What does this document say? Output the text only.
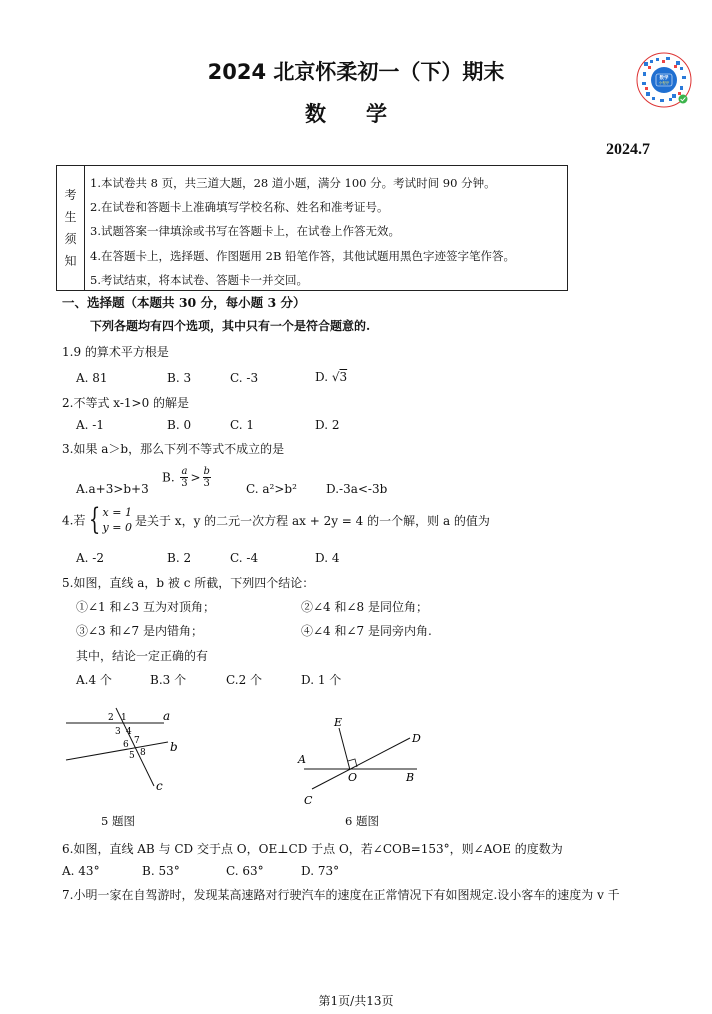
2024 北京怀柔初一（下）期末
数学
2024.7
数学
小程序
考
生
须
知
1.本试卷共 8 页，共三道大题，28 道小题，满分 100 分。考试时间 90 分钟。
2.在试卷和答题卡上准确填写学校名称、姓名和准考证号。
3.试题答案一律填涂或书写在答题卡上，在试卷上作答无效。
4.在答题卡上，选择题、作图题用 2B 铅笔作答，其他试题用黑色字迹签字笔作答。
5.考试结束，将本试卷、答题卡一并交回。
一、选择题（本题共 30 分，每小题 3 分）
下列各题均有四个选项，其中只有一个是符合题意的.
1.9 的算术平方根是
A. 81	B. 3	C. -3	D. √3
2.不等式 x-1>0 的解是
A. -1	B. 0	C. 1	D. 2
3.如果 a＞b，那么下列不等式不成立的是
A.a+3>b+3
B. $\frac{a}{3} > \frac{b}{3}$	C. a²>b² D.-3a<-3b
4.若 { x = 1
y = 0 是关于 x，y 的二元一次方程 ax + 2y = 4 的一个解，则 a 的值为
A. -2	B. 2	C. -4	D. 4
5.如图，直线 a，b 被 c 所截，下列四个结论：
①∠1 和∠3 互为对顶角；	②∠4 和∠8 是同位角；
③∠3 和∠7 是内错角；	④∠4 和∠7 是同旁内角.
其中，结论一定正确的有
A.4 个	B.3 个	C.2 个	D. 1 个
a
b
c
2 1
3 4
6 7
5 8
5 题图
E
D
A
O	B
C
6 题图
6.如图，直线 AB 与 CD 交于点 O，OE⊥CD 于点 O，若∠COB=153°，则∠AOE 的度数为
A. 43°	B. 53°	C. 63°	D. 73°
7.小明一家在自驾游时，发现某高速路对行驶汽车的速度在正常情况下有如图规定.设小客车的速度为 v 千
第1页/共13页
